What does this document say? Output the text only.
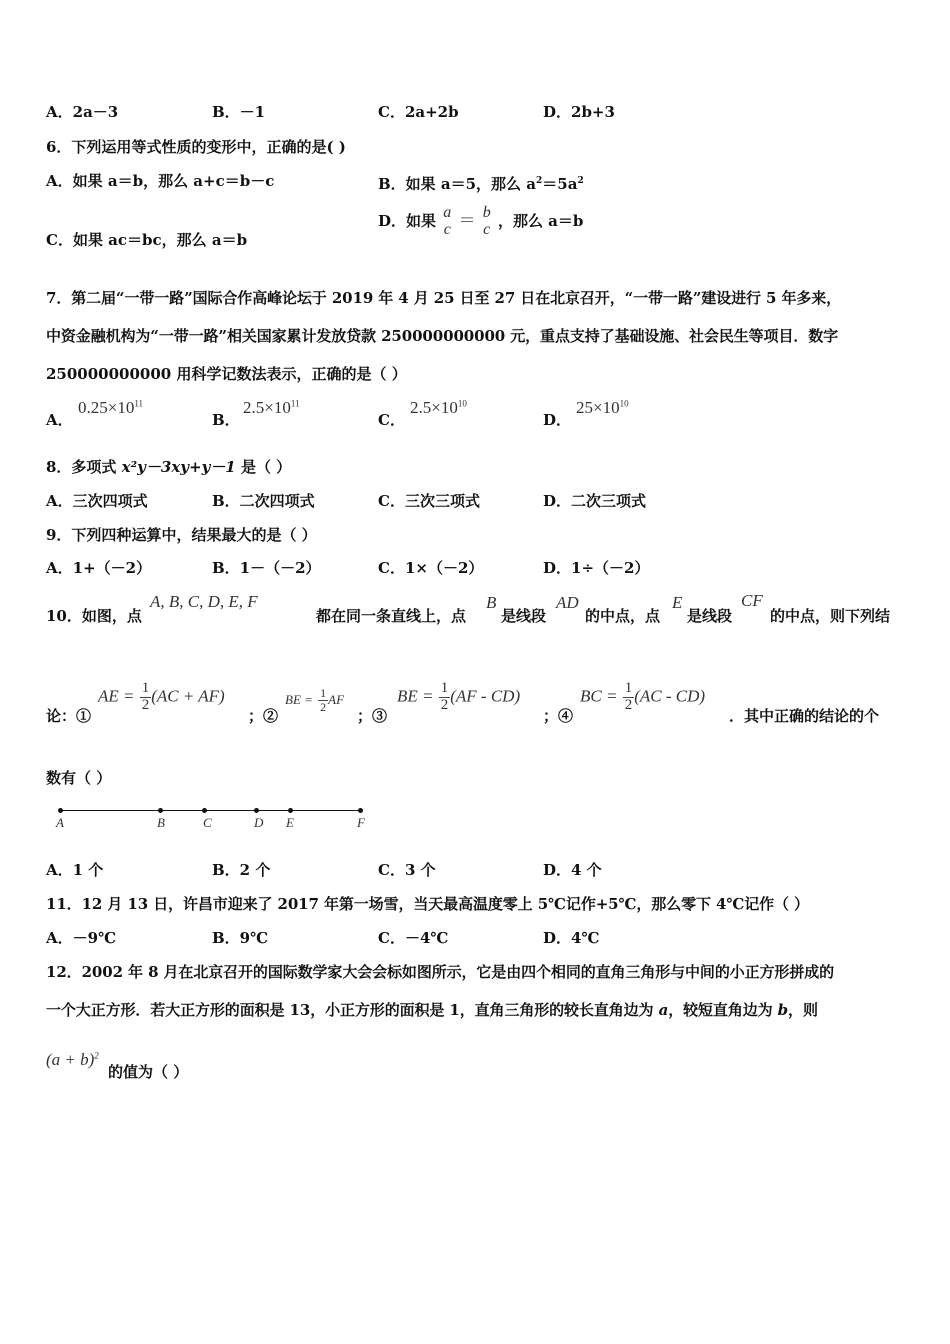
A．2a－3	B．－1	C．2a+2b	D．2b+3
6．下列运用等式性质的变形中，正确的是( )
A．如果 a＝b，那么 a+c＝b－c	B．如果 a＝5，那么 $a^2=5a^2$
C．如果 ac＝bc，那么 a＝b
D．如果 a
c ＝ b
c ，那么 a＝b
7．第二届“一带一路”国际合作高峰论坛于 2019 年 4 月 25 日至 27 日在北京召开，“一带一路”建设进行 5 年多来，
中资金融机构为“一带一路”相关国家累计发放贷款 250000000000 元，重点支持了基础设施、社会民生等项目．数字
250000000000 用科学记数法表示，正确的是（ ）
A．
$0.25\times 10^{11}$
B．
$2.5\times 10^{11}$
C．
$2.5\times 10^{10}$
D．
$25\times 10^{10}$
8．多项式 x²y－3xy+y－1 是（ ）
A．三次四项式	B．二次四项式	C．三次三项式	D．二次三项式
9．下列四种运算中，结果最大的是（ ）
A．1+（－2）	B．1－（－2）	C．1×（－2）	D．1÷（－2）
10．如图，点
A, B, C, D, E, F
都在同一条直线上，点
B
是线段
AD
的中点，点
E
是线段
CF
的中点，则下列结
论：①
AE = $\frac{1}{2} (AC + AF)$
；②
BE = $\frac{1}{2}$ AF
；③
BE = $\frac{1}{2} (AF - CD)$
；④
BC = $\frac{1}{2} (AC - CD)$
．其中正确的结论的个
数有（ ）
A	B	C	D E	F
A．1 个	B．2 个	C．3 个	D．4 个
11．12 月 13 日，许昌市迎来了 2017 年第一场雪，当天最高温度零上 5℃记作+5℃，那么零下 4℃记作（ ）
A．－9℃	B．9℃	C．－4℃	D．4℃
12．2002 年 8 月在北京召开的国际数学家大会会标如图所示，它是由四个相同的直角三角形与中间的小正方形拼成的
一个大正方形．若大正方形的面积是 13，小正方形的面积是 1，直角三角形的较长直角边为 a，较短直角边为 b，则
$(a + b)^2$
的值为（ ）
